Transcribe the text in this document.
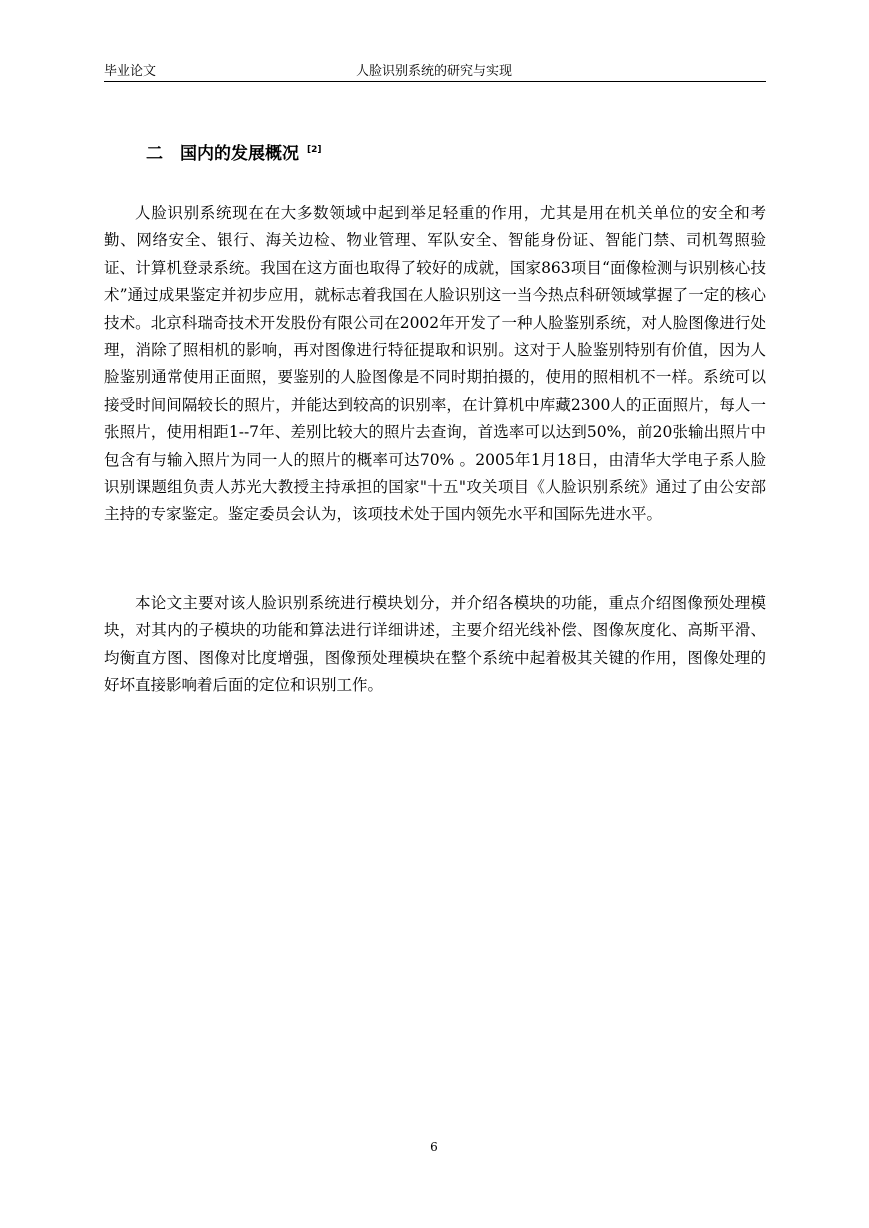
毕业论文	人脸识别系统的研究与实现
二 国内的发展概况 [2]

人脸识别系统现在在大多数领域中起到举足轻重的作用，尤其是用在机关单位的安全和考勤、网络安全、银行、海关边检、物业管理、军队安全、智能身份证、智能门禁、司机驾照验证、计算机登录系统。我国在这方面也取得了较好的成就，国家863项目“面像检测与识别核心技术”通过成果鉴定并初步应用，就标志着我国在人脸识别这一当今热点科研领域掌握了一定的核心技术。北京科瑞奇技术开发股份有限公司在2002年开发了一种人脸鉴别系统，对人脸图像进行处理，消除了照相机的影响，再对图像进行特征提取和识别。这对于人脸鉴别特别有价值，因为人脸鉴别通常使用正面照，要鉴别的人脸图像是不同时期拍摄的，使用的照相机不一样。系统可以接受时间间隔较长的照片，并能达到较高的识别率，在计算机中库藏2300人的正面照片，每人一张照片，使用相距1--7年、差别比较大的照片去查询，首选率可以达到50%，前20张输出照片中包含有与输入照片为同一人的照片的概率可达70% 。2005年1月18日，由清华大学电子系人脸识别课题组负责人苏光大教授主持承担的国家"十五"攻关项目《人脸识别系统》通过了由公安部主持的专家鉴定。鉴定委员会认为，该项技术处于国内领先水平和国际先进水平。

本论文主要对该人脸识别系统进行模块划分，并介绍各模块的功能，重点介绍图像预处理模块，对其内的子模块的功能和算法进行详细讲述，主要介绍光线补偿、图像灰度化、高斯平滑、均衡直方图、图像对比度增强，图像预处理模块在整个系统中起着极其关键的作用，图像处理的好坏直接影响着后面的定位和识别工作。

6
